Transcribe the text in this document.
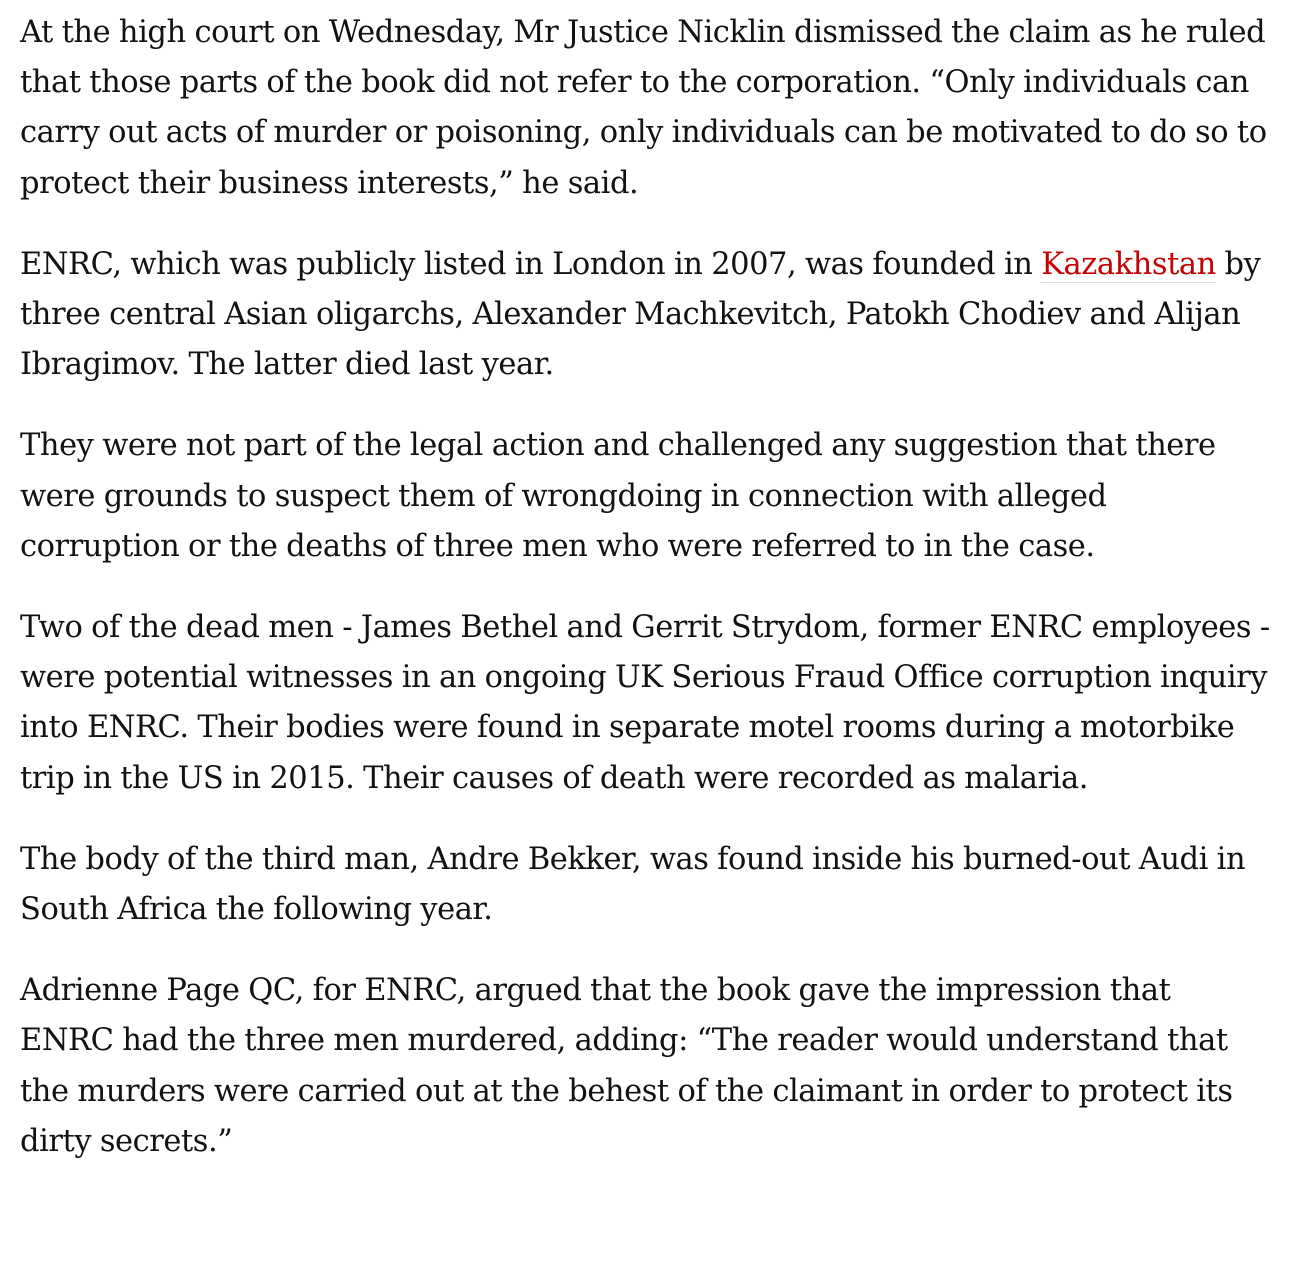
At the high court on Wednesday, Mr Justice Nicklin dismissed the claim as he ruled that those parts of the book did not refer to the corporation. “Only individuals can carry out acts of murder or poisoning, only individuals can be motivated to do so to protect their business interests,” he said.

ENRC, which was publicly listed in London in 2007, was founded in Kazakhstan by three central Asian oligarchs, Alexander Machkevitch, Patokh Chodiev and Alijan Ibragimov. The latter died last year.

They were not part of the legal action and challenged any suggestion that there were grounds to suspect them of wrongdoing in connection with alleged corruption or the deaths of three men who were referred to in the case.

Two of the dead men - James Bethel and Gerrit Strydom, former ENRC employees - were potential witnesses in an ongoing UK Serious Fraud Office corruption inquiry into ENRC. Their bodies were found in separate motel rooms during a motorbike trip in the US in 2015. Their causes of death were recorded as malaria.

The body of the third man, Andre Bekker, was found inside his burned-out Audi in South Africa the following year.

Adrienne Page QC, for ENRC, argued that the book gave the impression that ENRC had the three men murdered, adding: “The reader would understand that the murders were carried out at the behest of the claimant in order to protect its dirty secrets.”
